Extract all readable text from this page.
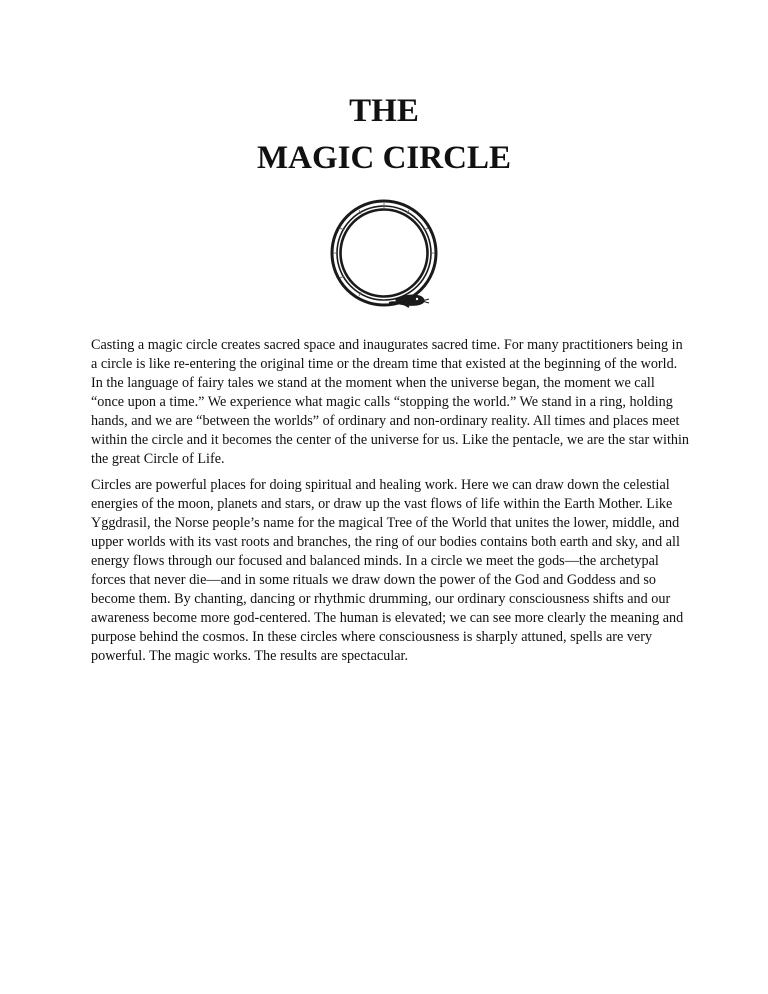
THE
MAGIC CIRCLE

Casting a magic circle creates sacred space and inaugurates sacred time. For many practitioners being in a circle is like re-entering the original time or the dream time that existed at the beginning of the world. In the language of fairy tales we stand at the moment when the universe began, the moment we call “once upon a time.” We experience what magic calls “stopping the world.” We stand in a ring, holding hands, and we are “between the worlds” of ordinary and non-ordinary reality. All times and places meet within the circle and it becomes the center of the universe for us. Like the pentacle, we are the star within the great Circle of Life.

Circles are powerful places for doing spiritual and healing work. Here we can draw down the celestial energies of the moon, planets and stars, or draw up the vast flows of life within the Earth Mother. Like Yggdrasil, the Norse people’s name for the magical Tree of the World that unites the lower, middle, and upper worlds with its vast roots and branches, the ring of our bodies contains both earth and sky, and all energy flows through our focused and balanced minds. In a circle we meet the gods—the archetypal forces that never die—and in some rituals we draw down the power of the God and Goddess and so become them. By chanting, dancing or rhythmic drumming, our ordinary consciousness shifts and our awareness become more god-centered. The human is elevated; we can see more clearly the meaning and purpose behind the cosmos. In these circles where consciousness is sharply attuned, spells are very powerful. The magic works. The results are spectacular.
